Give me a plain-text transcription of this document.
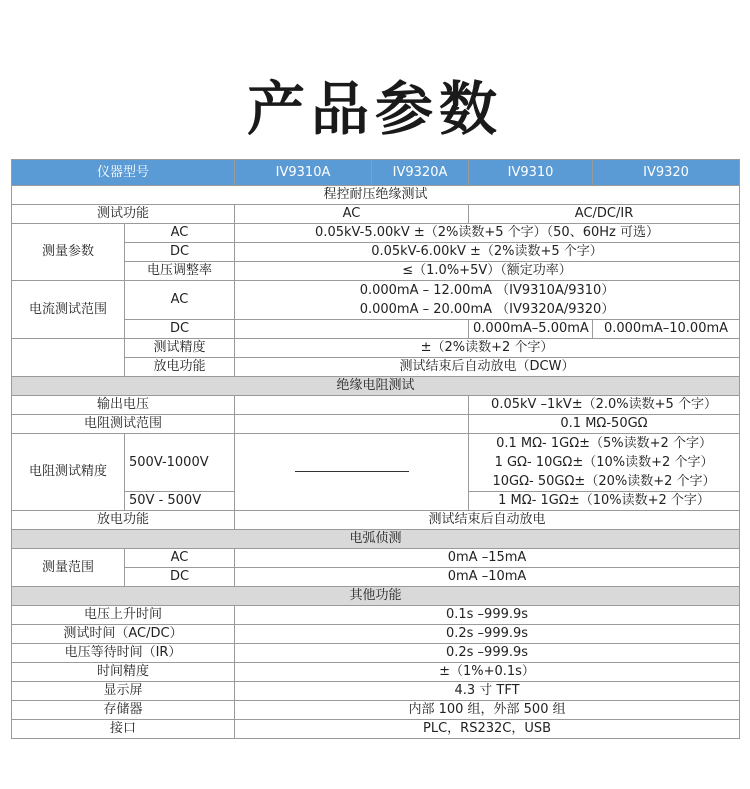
产品参数
仪器型号		IV9310A	IV9320A	IV9310	IV9320
程控耐压绝缘测试					
测试功能		AC		AC/DC/IR	
测量参数	AC	0.05kV-5.00kV ±（2%读数+5 个字）（50、60Hz 可选）			
	DC	0.05kV-6.00kV ±（2%读数+5 个字）			
	电压调整率	≤（1.0%+5V）（额定功率）			
电流测试范围	AC	0.000mA – 12.00mA （IV9310A/9310）
0.000mA – 20.00mA （IV9320A/9320）			

	DC			0.000mA–5.00mA	0.000mA–10.00mA
	测试精度	±（2%读数+2 个字）			
	放电功能	测试结束后自动放电（DCW）			
绝缘电阻测试					
输出电压				0.05kV –1kV±（2.0%读数+5 个字）	
电阻测试范围				0.1 MΩ-50GΩ	
电阻测试精度	500V-1000V			0.1 MΩ- 1GΩ±（5%读数+2 个字）
1 GΩ- 10GΩ±（10%读数+2 个字）
10GΩ- 50GΩ±（20%读数+2 个字）	

	50V - 500V			1 MΩ- 1GΩ±（10%读数+2 个字）	
放电功能		测试结束后自动放电			
电弧侦测					
测量范围	AC	0mA –15mA			
	DC	0mA –10mA			
其他功能					
电压上升时间		0.1s –999.9s			
测试时间（AC/DC）		0.2s –999.9s			
电压等待时间（IR）		0.2s –999.9s			
时间精度		±（1%+0.1s）			
显示屏		4.3 寸 TFT			
存储器		内部 100 组，外部 500 组			
接口		PLC，RS232C，USB			
